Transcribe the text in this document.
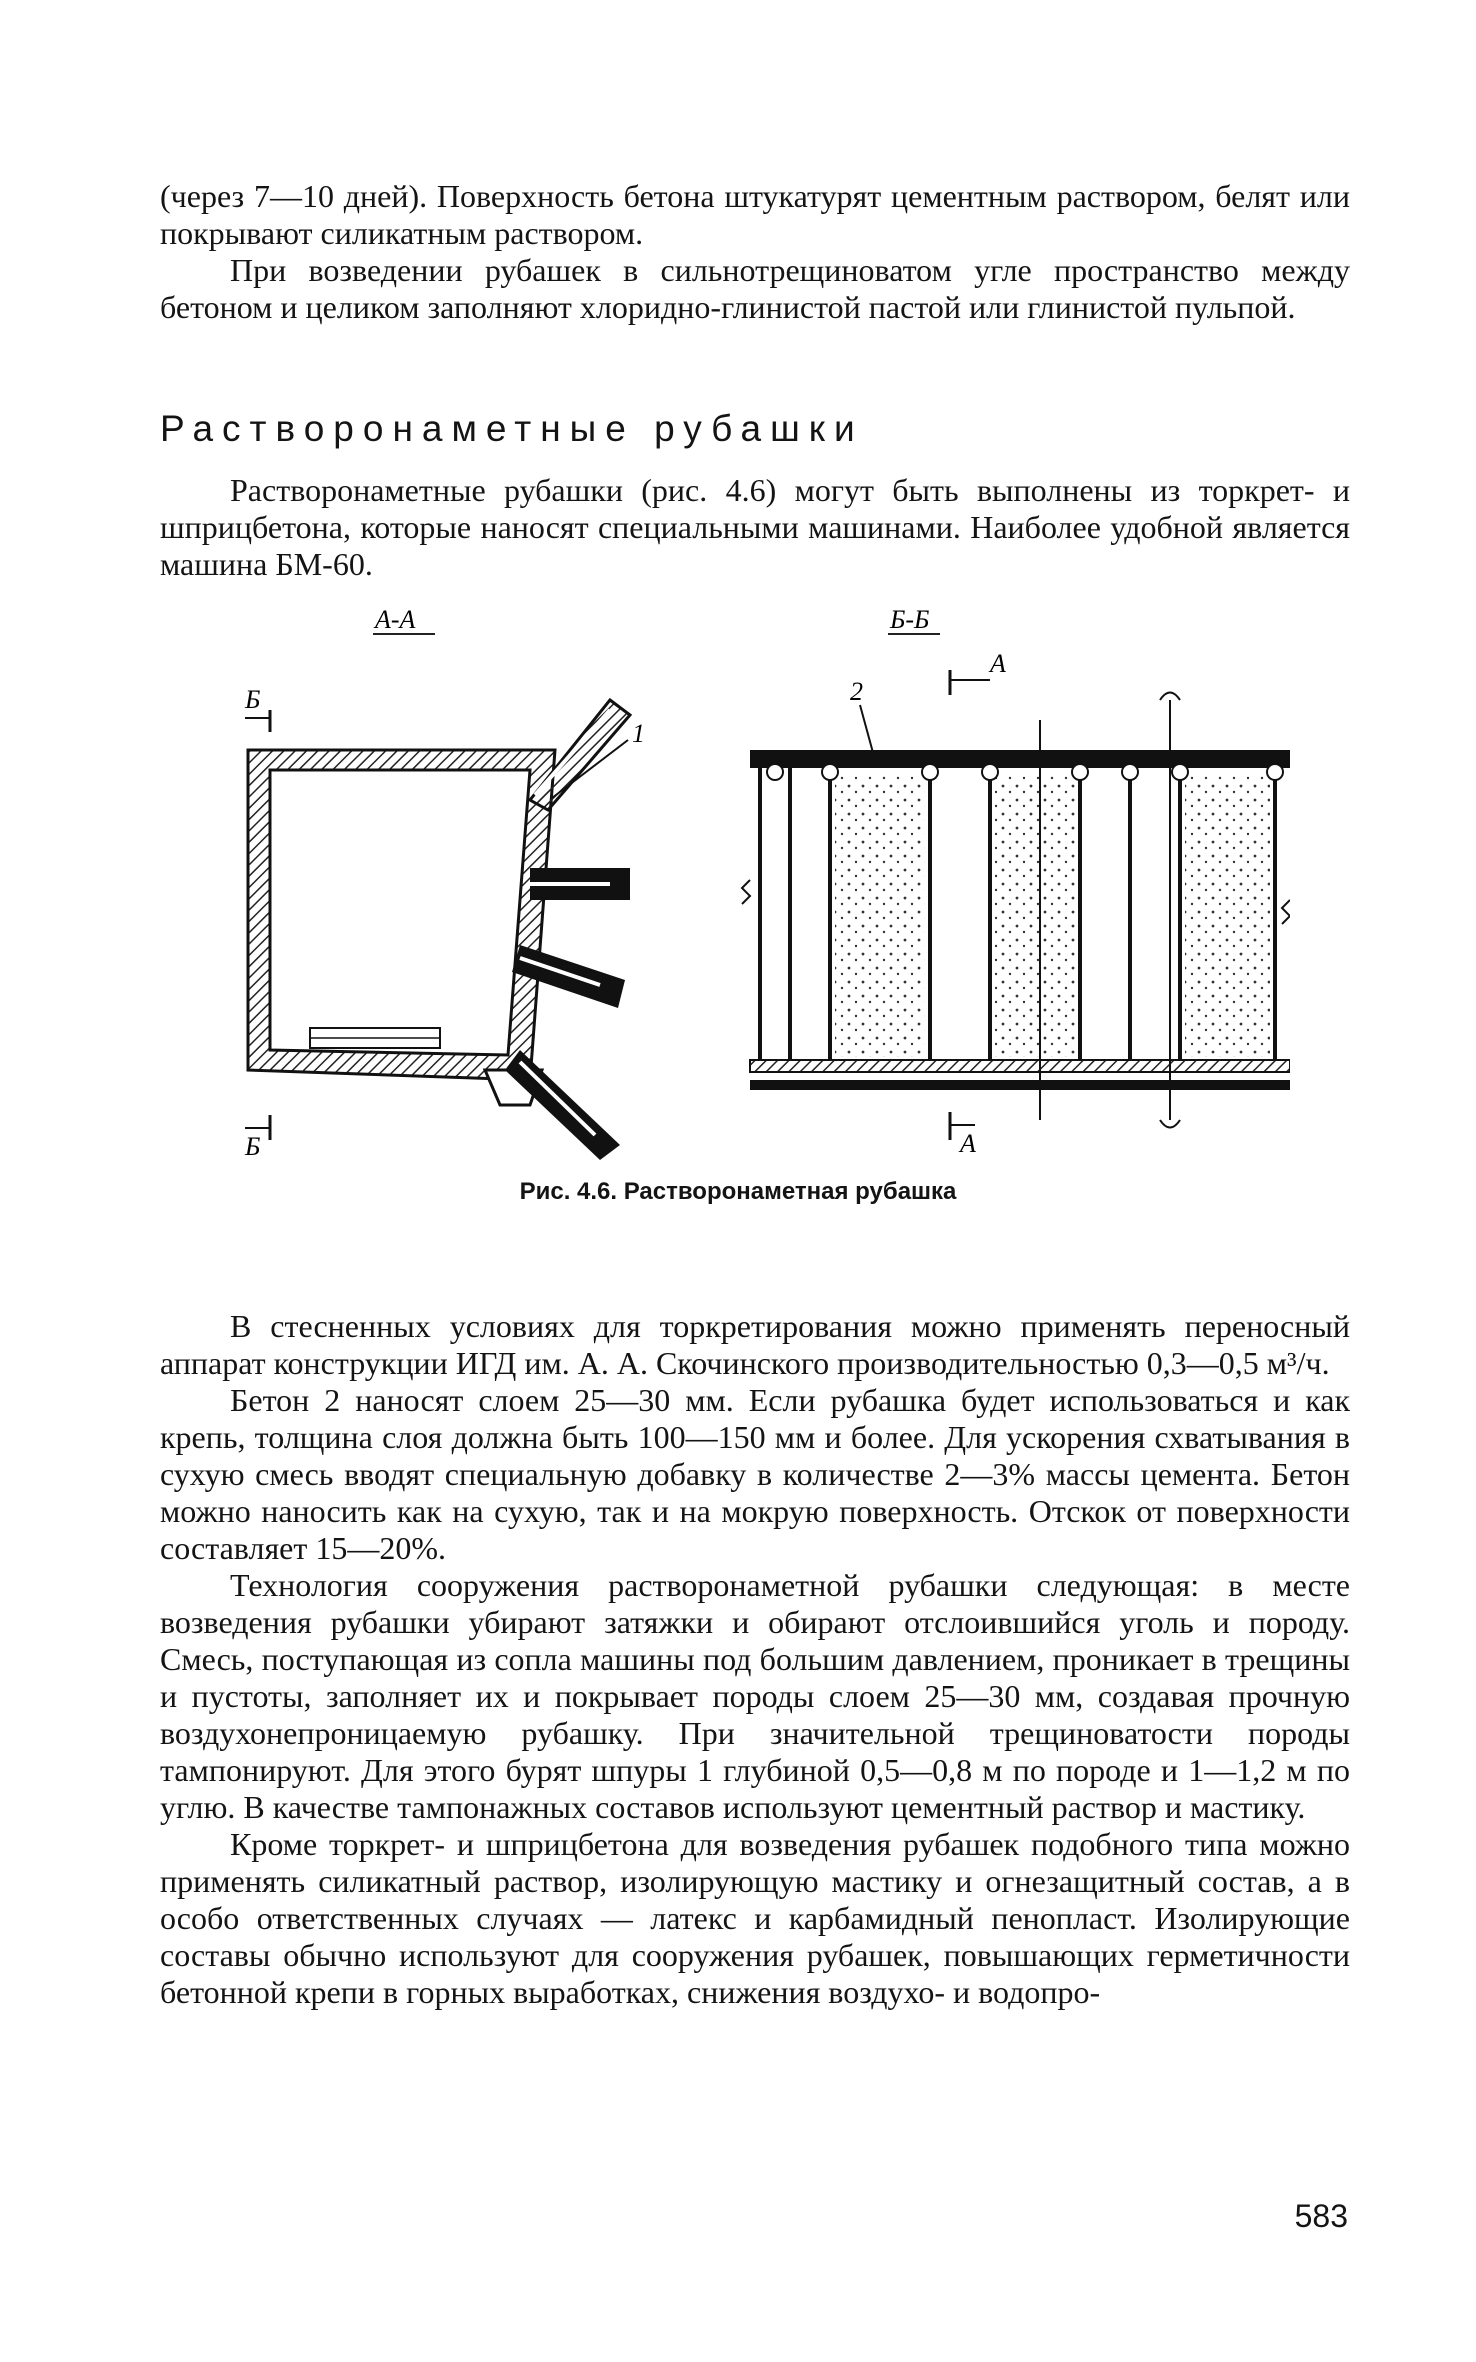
(через 7—10 дней). Поверхность бетона штукатурят цементным раствором, белят или покрывают силикатным раствором.

При возведении рубашек в сильнотрещиноватом угле пространство между бетоном и целиком заполняют хлоридно-глинистой пастой или глинистой пульпой.

Растворонаметные рубашки

Растворонаметные рубашки (рис. 4.6) могут быть выполнены из торкрет- и шприцбетона, которые наносят специальными машинами. Наиболее удобной является машина БМ-60.

А-А
1
Б
Б
Б-Б
2
А
А
Рис. 4.6. Растворонаметная рубашка

В стесненных условиях для торкретирования можно применять переносный аппарат конструкции ИГД им. А. А. Скочинского производительностью 0,3—0,5 м³/ч.

Бетон 2 наносят слоем 25—30 мм. Если рубашка будет использоваться и как крепь, толщина слоя должна быть 100—150 мм и более. Для ускорения схватывания в сухую смесь вводят специальную добавку в количестве 2—3% массы цемента. Бетон можно наносить как на сухую, так и на мокрую поверхность. Отскок от поверхности составляет 15—20%.

Технология сооружения растворонаметной рубашки следующая: в месте возведения рубашки убирают затяжки и обирают отслоившийся уголь и породу. Смесь, поступающая из сопла машины под большим давлением, проникает в трещины и пустоты, заполняет их и покрывает породы слоем 25—30 мм, создавая прочную воздухонепроницаемую рубашку. При значительной трещиноватости породы тампонируют. Для этого бурят шпуры 1 глубиной 0,5—0,8 м по породе и 1—1,2 м по углю. В качестве тампонажных составов используют цементный раствор и мастику.

Кроме торкрет- и шприцбетона для возведения рубашек подобного типа можно применять силикатный раствор, изолирующую мастику и огнезащитный состав, а в особо ответственных случаях — латекс и карбамидный пенопласт. Изолирующие составы обычно используют для сооружения рубашек, повышающих герметичности бетонной крепи в горных выработках, снижения воздухо- и водопро-

583
